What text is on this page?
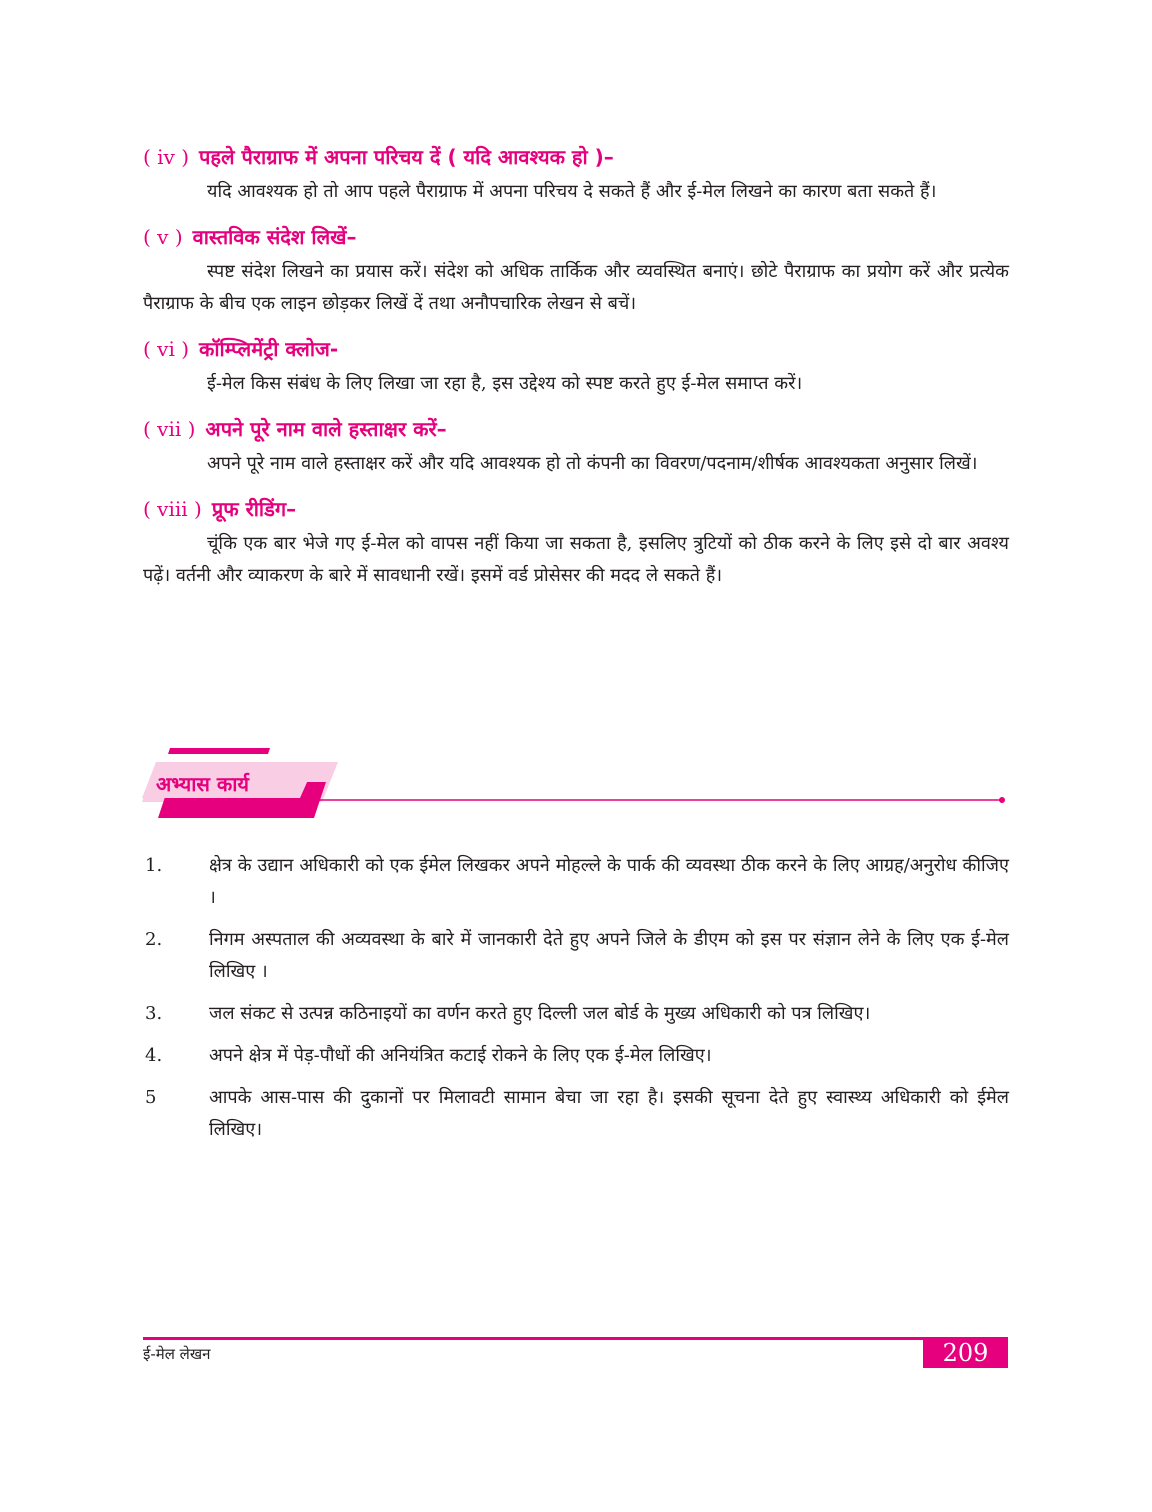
( iv ) पहले पैराग्राफ में अपना परिचय दें ( यदि आवश्यक हो )–
यदि आवश्यक हो तो आप पहले पैराग्राफ में अपना परिचय दे सकते हैं और ई-मेल लिखने का कारण बता सकते हैं।
( v ) वास्तविक संदेश लिखें–
स्पष्ट संदेश लिखने का प्रयास करें। संदेश को अधिक तार्किक और व्यवस्थित बनाएं। छोटे पैराग्राफ का प्रयोग करें और प्रत्येक पैराग्राफ के बीच एक लाइन छोड़कर लिखें दें तथा अनौपचारिक लेखन से बचें।
( vi ) कॉम्प्लिमेंट्री क्लोज-
ई-मेल किस संबंध के लिए लिखा जा रहा है, इस उद्देश्य को स्पष्ट करते हुए ई-मेल समाप्त करें।
( vii ) अपने पूरे नाम वाले हस्ताक्षर करें–
अपने पूरे नाम वाले हस्ताक्षर करें और यदि आवश्यक हो तो कंपनी का विवरण/पदनाम/शीर्षक आवश्यकता अनुसार लिखें।
( viii ) प्रूफ रीडिंग–
चूंकि एक बार भेजे गए ई-मेल को वापस नहीं किया जा सकता है, इसलिए त्रुटियों को ठीक करने के लिए इसे दो बार अवश्य पढ़ें। वर्तनी और व्याकरण के बारे में सावधानी रखें। इसमें वर्ड प्रोसेसर की मदद ले सकते हैं।
अभ्यास कार्य
1.	क्षेत्र के उद्यान अधिकारी को एक ईमेल लिखकर अपने मोहल्ले के पार्क की व्यवस्था ठीक करने के लिए आग्रह/अनुरोध कीजिए ।
2.	निगम अस्पताल की अव्यवस्था के बारे में जानकारी देते हुए अपने जिले के डीएम को इस पर संज्ञान लेने के लिए एक ई-मेल लिखिए ।
3.	जल संकट से उत्पन्न कठिनाइयों का वर्णन करते हुए दिल्ली जल बोर्ड के मुख्य अधिकारी को पत्र लिखिए।
4.	अपने क्षेत्र में पेड़-पौधों की अनियंत्रित कटाई रोकने के लिए एक ई-मेल लिखिए।
5	आपके आस-पास की दुकानों पर मिलावटी सामान बेचा जा रहा है। इसकी सूचना देते हुए स्वास्थ्य अधिकारी को ईमेल लिखिए।
ई-मेल लेखन	209
